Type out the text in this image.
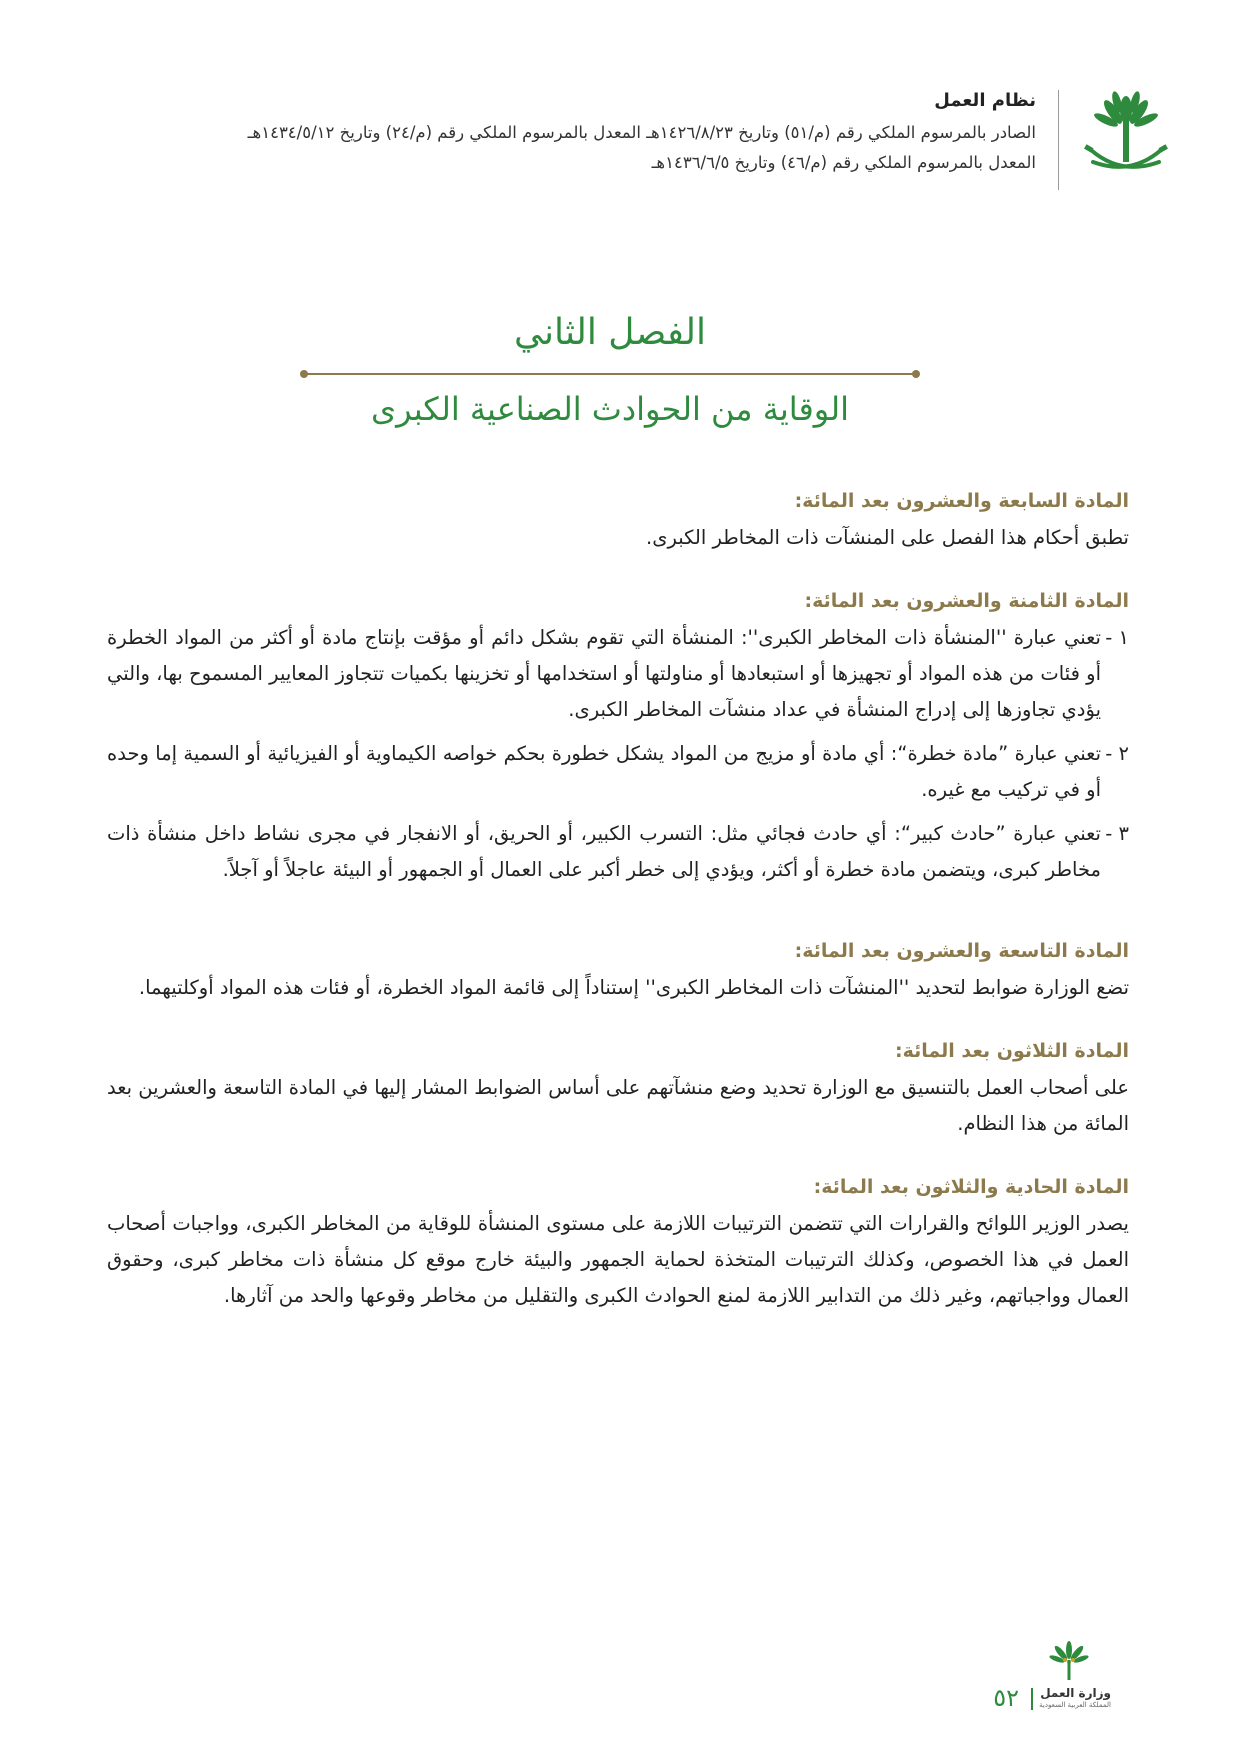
نظام العمل
الصادر بالمرسوم الملكي رقم (م/٥١) وتاريخ ١٤٢٦/٨/٢٣هـ المعدل بالمرسوم الملكي رقم (م/٢٤) وتاريخ ١٤٣٤/٥/١٢هـ
المعدل بالمرسوم الملكي رقم (م/٤٦) وتاريخ ١٤٣٦/٦/٥هـ
الفصل الثاني
الوقاية من الحوادث الصناعية الكبرى
المادة السابعة والعشرون بعد المائة:
تطبق أحكام هذا الفصل على المنشآت ذات المخاطر الكبرى.
المادة الثامنة والعشرون بعد المائة:
١ -
تعني عبارة ''المنشأة ذات المخاطر الكبرى'': المنشأة التي تقوم بشكل دائم أو مؤقت بإنتاج مادة أو أكثر من المواد الخطرة أو فئات من هذه المواد أو تجهيزها أو استبعادها أو مناولتها أو استخدامها أو تخزينها بكميات تتجاوز المعايير المسموح بها، والتي يؤدي تجاوزها إلى إدراج المنشأة في عداد منشآت المخاطر الكبرى.
٢ -
تعني عبارة ”مادة خطرة“: أي مادة أو مزيج من المواد يشكل خطورة بحكم خواصه الكيماوية أو الفيزيائية أو السمية إما وحده أو في تركيب مع غيره.
٣ -
تعني عبارة ”حادث كبير“: أي حادث فجائي مثل: التسرب الكبير، أو الحريق، أو الانفجار في مجرى نشاط داخل منشأة ذات مخاطر كبرى، ويتضمن مادة خطرة أو أكثر، ويؤدي إلى خطر أكبر على العمال أو الجمهور أو البيئة عاجلاً أو آجلاً.
المادة التاسعة والعشرون بعد المائة:
تضع الوزارة ضوابط لتحديد ''المنشآت ذات المخاطر الكبرى'' إستناداً إلى قائمة المواد الخطرة، أو فئات هذه المواد أوكلتيهما.
المادة الثلاثون بعد المائة:
على أصحاب العمل بالتنسيق مع الوزارة تحديد وضع منشآتهم على أساس الضوابط المشار إليها في المادة التاسعة والعشرين بعد المائة من هذا النظام.
المادة الحادية والثلاثون بعد المائة:
يصدر الوزير اللوائح والقرارات التي تتضمن الترتيبات اللازمة على مستوى المنشأة للوقاية من المخاطر الكبرى، وواجبات أصحاب العمل في هذا الخصوص، وكذلك الترتيبات المتخذة لحماية الجمهور والبيئة خارج موقع كل منشأة ذات مخاطر كبرى، وحقوق العمال وواجباتهم، وغير ذلك من التدابير اللازمة لمنع الحوادث الكبرى والتقليل من مخاطر وقوعها والحد من آثارها.
وزارة العمل
المملكة العربية السعودية
٥٢
